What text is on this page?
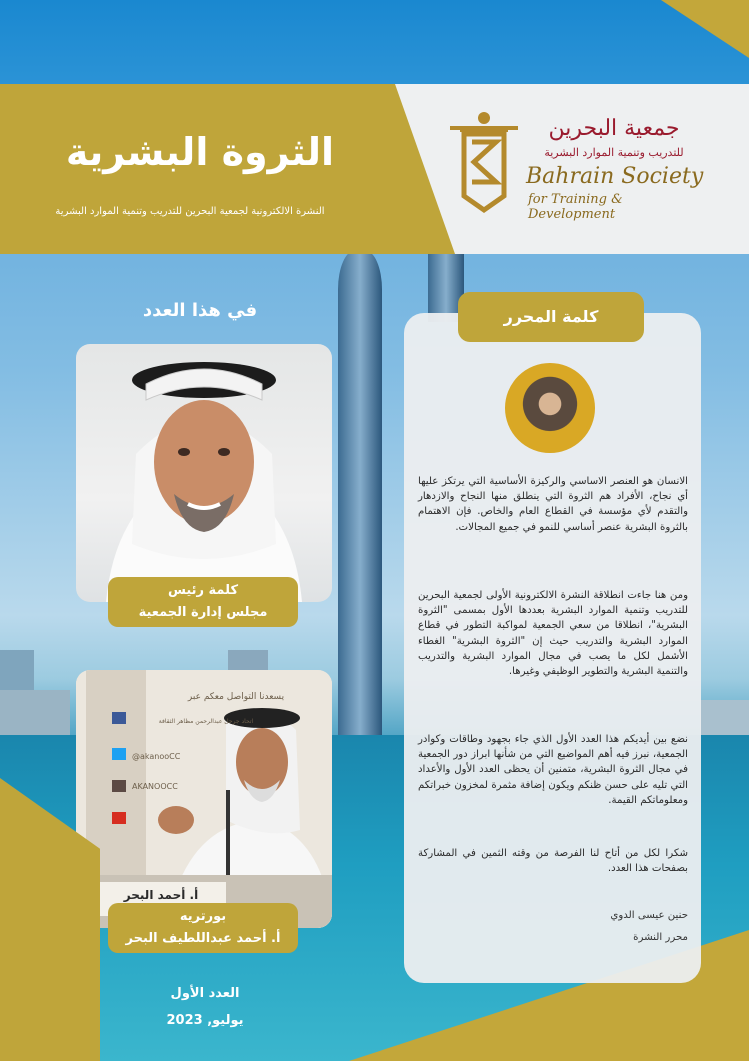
الثروة البشرية
النشرة الالكترونية لجمعية البحرين للتدريب وتنمية الموارد البشرية
جمعية البحرين
للتدريب وتنمية الموارد البشرية
Bahrain Society
for Training & Development
في هذا العدد
كلمة رئيس
مجلس إدارة الجمعية
يسعدنا التواصل معكم عبر
اتحاد جرجل عبدالرحمن مظاهر الثقافة
@akanooCC
AKANOOCC
أ. أحمد البحر
بورتريه
أ. أحمد عبداللطيف البحر
العدد الأول
يوليو, 2023
كلمة المحرر

الانسان هو العنصر الاساسي والركيزة الأساسية التي يرتكز عليها أي نجاح، الأفراد هم الثروة التي ينطلق منها النجاح والازدهار والتقدم لأي مؤسسة في القطاع العام والخاص. فإن الاهتمام بالثروة البشرية عنصر أساسي للنمو في جميع المجالات.

ومن هنا جاءت انطلاقة النشرة الالكترونية الأولى لجمعية البحرين للتدريب وتنمية الموارد البشرية بعددها الأول بمسمى "الثروة البشرية"، انطلاقا من سعي الجمعية لمواكبة التطور في قطاع الموارد البشرية والتدريب حيث إن "الثروة البشرية" الغطاء الأشمل لكل ما يصب في مجال الموارد البشرية والتدريب والتنمية البشرية والتطوير الوظيفي وغيرها.

نضع بين أيديكم هذا العدد الأول الذي جاء بجهود وطاقات وكوادر الجمعية، نبرز فيه أهم المواضيع التي من شأنها ابراز دور الجمعية في مجال الثروة البشرية، متمنين أن يحظى العدد الأول والأعداد التي تليه على حسن ظنكم ويكون إضافة مثمرة لمخزون خبراتكم ومعلوماتكم القيمة.

شكرا لكل من أتاح لنا الفرصة من وقته الثمين في المشاركة بصفحات هذا العدد.

حنين عيسى الدوي
محرر النشرة
